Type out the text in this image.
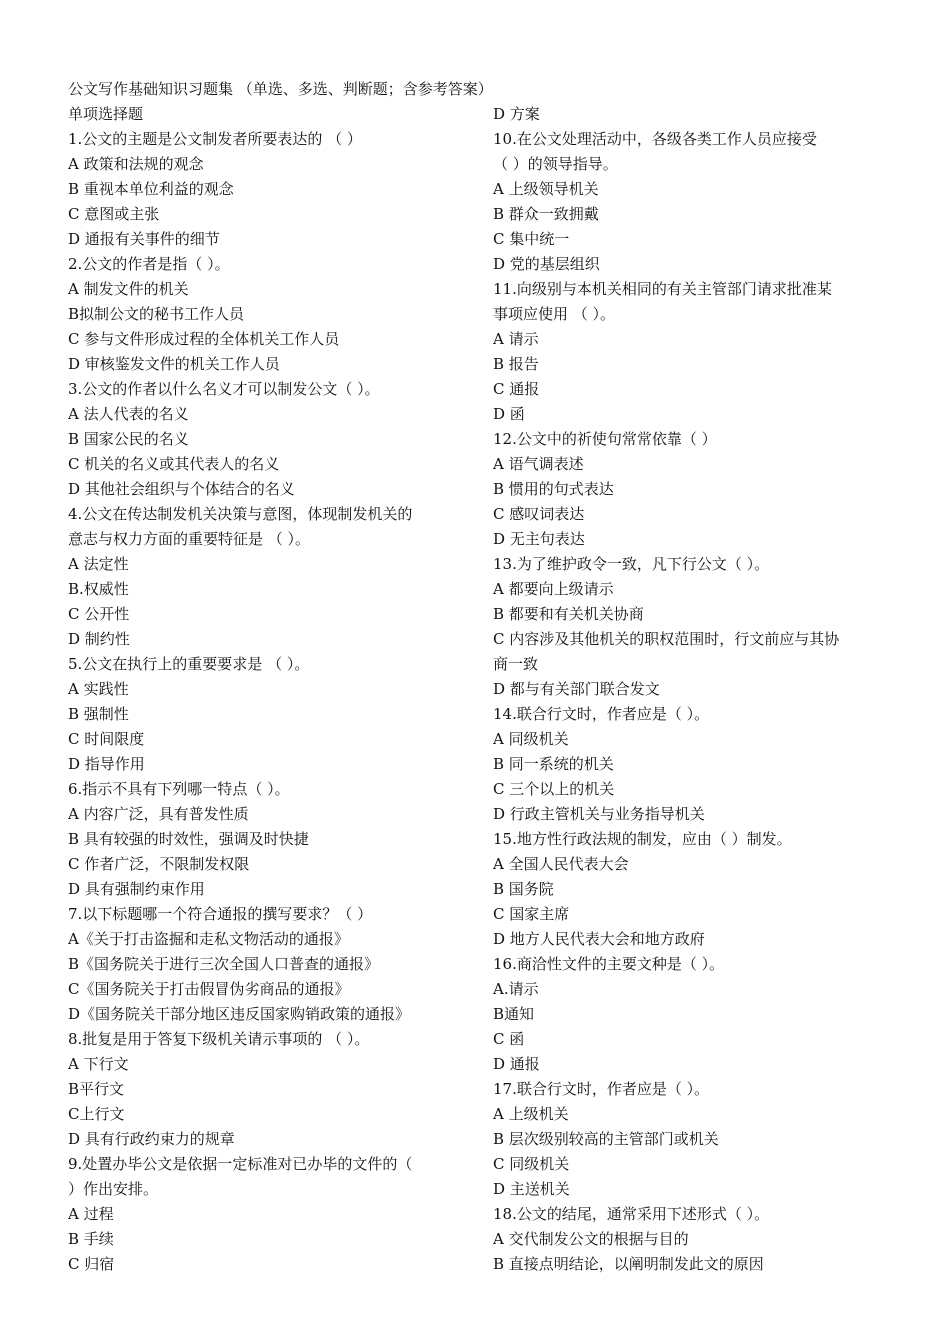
公文写作基础知识习题集 （单选、多选、判断题；含参考答案）
单项选择题
1.公文的主题是公文制发者所要表达的 （ ）
A 政策和法规的观念
B 重视本单位利益的观念
C 意图或主张
D 通报有关事件的细节
2.公文的作者是指（ ）。
A 制发文件的机关
B拟制公文的秘书工作人员
C 参与文件形成过程的全体机关工作人员
D 审核鉴发文件的机关工作人员
3.公文的作者以什么名义才可以制发公文（ ）。
A 法人代表的名义
B 国家公民的名义
C 机关的名义或其代表人的名义
D 其他社会组织与个体结合的名义
4.公文在传达制发机关决策与意图，体现制发机关的
意志与权力方面的重要特征是 （ ）。
A 法定性
B.权威性
C 公开性
D 制约性
5.公文在执行上的重要要求是 （ ）。
A 实践性
B 强制性
C 时间限度
D 指导作用
6.指示不具有下列哪一特点（ ）。
A 内容广泛，具有普发性质
B 具有较强的时效性，强调及时快捷
C 作者广泛，不限制发权限
D 具有强制约束作用
7.以下标题哪一个符合通报的撰写要求？（ ）
A《关于打击盗掘和走私文物活动的通报》
B《国务院关于进行三次全国人口普查的通报》
C《国务院关于打击假冒伪劣商品的通报》
D《国务院关干部分地区违反国家购销政策的通报》
8.批复是用于答复下级机关请示事项的 （ ）。
A 下行文
B平行文
C上行文
D 具有行政约束力的规章
9.处置办毕公文是依据一定标准对已办毕的文件的（
）作出安排。
A 过程
B 手续
C 归宿
D 方案
10.在公文处理活动中，各级各类工作人员应接受
（ ）的领导指导。
A 上级领导机关
B 群众一致拥戴
C 集中统一
D 党的基层组织
11.向级别与本机关相同的有关主管部门请求批准某
事项应使用 （ ）。
A 请示
B 报告
C 通报
D 函
12.公文中的祈使句常常依靠（ ）
A 语气调表述
B 惯用的句式表达
C 感叹词表达
D 无主句表达
13.为了维护政令一致，凡下行公文（ ）。
A 都要向上级请示
B 都要和有关机关协商
C 内容涉及其他机关的职权范围时，行文前应与其协
商一致
D 都与有关部门联合发文
14.联合行文时，作者应是（ ）。
A 同级机关
B 同一系统的机关
C 三个以上的机关
D 行政主管机关与业务指导机关
15.地方性行政法规的制发，应由（ ）制发。
A 全国人民代表大会
B 国务院
C 国家主席
D 地方人民代表大会和地方政府
16.商洽性文件的主要文种是（ ）。
A.请示
B通知
C 函
D 通报
17.联合行文时，作者应是（ ）。
A 上级机关
B 层次级别较高的主管部门或机关
C 同级机关
D 主送机关
18.公文的结尾，通常采用下述形式（ ）。
A 交代制发公文的根据与目的
B 直接点明结论，以阐明制发此文的原因
